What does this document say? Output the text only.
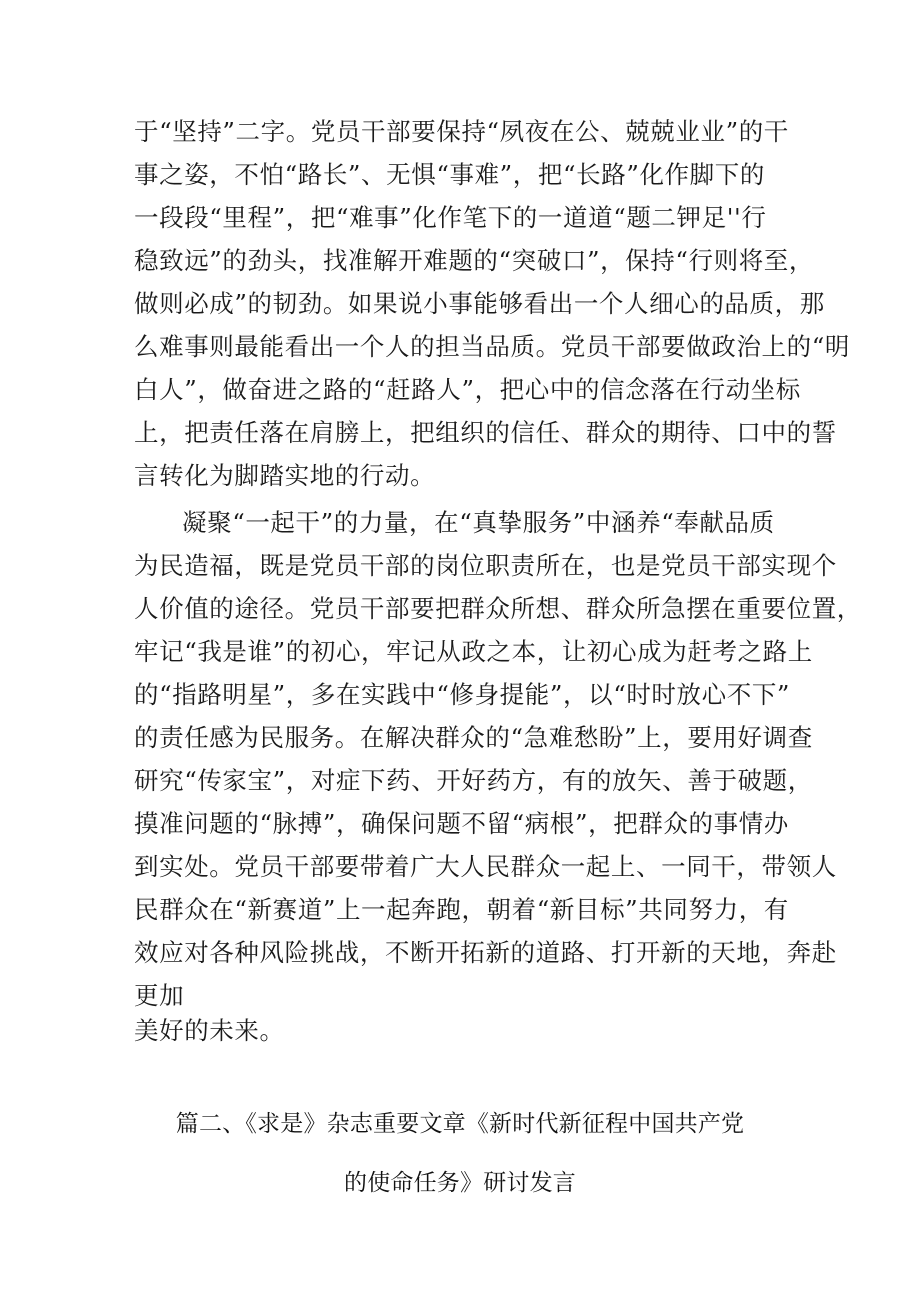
于“坚持”二字。党员干部要保持“夙夜在公、兢兢业业”的干
事之姿，不怕“路长”、无惧“事难”，把“长路”化作脚下的
一段段“里程”，把“难事”化作笔下的一道道“题二钾足''行
稳致远”的劲头，找准解开难题的“突破口”，保持“行则将至，
做则必成”的韧劲。如果说小事能够看出一个人细心的品质，那
么难事则最能看出一个人的担当品质。党员干部要做政治上的“明
白人”，做奋进之路的“赶路人”，把心中的信念落在行动坐标
上，把责任落在肩膀上，把组织的信任、群众的期待、口中的誓
言转化为脚踏实地的行动。
凝聚“一起干”的力量，在“真挚服务”中涵养“奉献品质
为民造福，既是党员干部的岗位职责所在，也是党员干部实现个
人价值的途径。党员干部要把群众所想、群众所急摆在重要位置，
牢记“我是谁”的初心，牢记从政之本，让初心成为赶考之路上
的“指路明星”，多在实践中“修身提能”，以“时时放心不下”
的责任感为民服务。在解决群众的“急难愁盼”上，要用好调查
研究“传家宝”，对症下药、开好药方，有的放矢、善于破题，
摸准问题的“脉搏”，确保问题不留“病根”，把群众的事情办
到实处。党员干部要带着广大人民群众一起上、一同干，带领人
民群众在“新赛道”上一起奔跑，朝着“新目标”共同努力，有
效应对各种风险挑战，不断开拓新的道路、打开新的天地，奔赴
更加
美好的未来。
篇二、《求是》杂志重要文章《新时代新征程中国共产党
的使命任务》研讨发言
